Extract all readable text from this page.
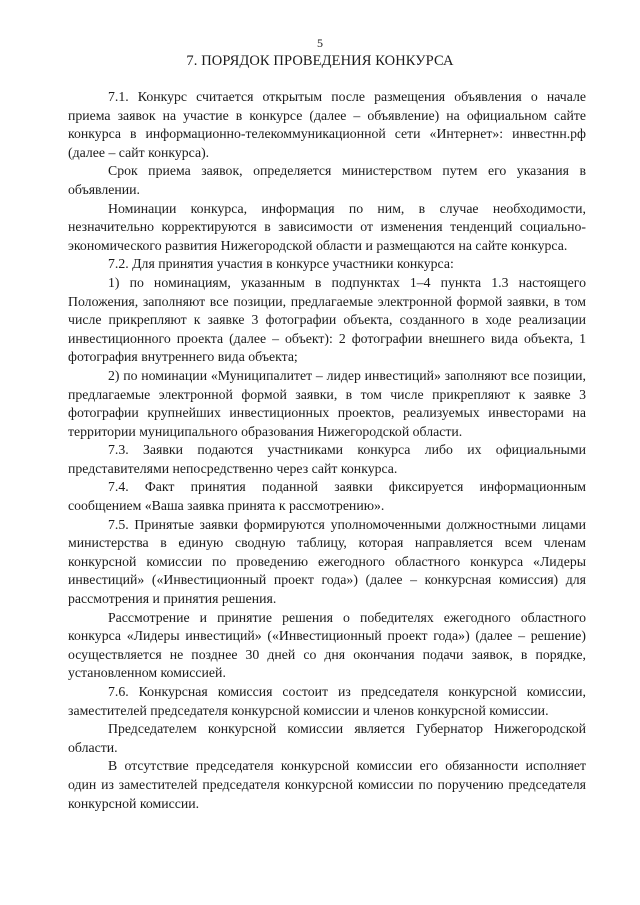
5
7. ПОРЯДОК ПРОВЕДЕНИЯ КОНКУРСА

7.1. Конкурс считается открытым после размещения объявления о начале приема заявок на участие в конкурсе (далее – объявление) на официальном сайте конкурса в информационно-телекоммуникационной сети «Интернет»: инвестнн.рф (далее – сайт конкурса).

Срок приема заявок, определяется министерством путем его указания в объявлении.

Номинации конкурса, информация по ним, в случае необходимости, незначительно корректируются в зависимости от изменения тенденций социально-экономического развития Нижегородской области и размещаются на сайте конкурса.

7.2. Для принятия участия в конкурсе участники конкурса:

1) по номинациям, указанным в подпунктах 1–4 пункта 1.3 настоящего Положения, заполняют все позиции, предлагаемые электронной формой заявки, в том числе прикрепляют к заявке 3 фотографии объекта, созданного в ходе реализации инвестиционного проекта (далее – объект): 2 фотографии внешнего вида объекта, 1 фотография внутреннего вида объекта;

2) по номинации «Муниципалитет – лидер инвестиций» заполняют все позиции, предлагаемые электронной формой заявки, в том числе прикрепляют к заявке 3 фотографии крупнейших инвестиционных проектов, реализуемых инвесторами на территории муниципального образования Нижегородской области.

7.3. Заявки подаются участниками конкурса либо их официальными представителями непосредственно через сайт конкурса.

7.4. Факт принятия поданной заявки фиксируется информационным сообщением «Ваша заявка принята к рассмотрению».

7.5. Принятые заявки формируются уполномоченными должностными лицами министерства в единую сводную таблицу, которая направляется всем членам конкурсной комиссии по проведению ежегодного областного конкурса «Лидеры инвестиций» («Инвестиционный проект года») (далее – конкурсная комиссия) для рассмотрения и принятия решения.

Рассмотрение и принятие решения о победителях ежегодного областного конкурса «Лидеры инвестиций» («Инвестиционный проект года») (далее – решение) осуществляется не позднее 30 дней со дня окончания подачи заявок, в порядке, установленном комиссией.

7.6. Конкурсная комиссия состоит из председателя конкурсной комиссии, заместителей председателя конкурсной комиссии и членов конкурсной комиссии.

Председателем конкурсной комиссии является Губернатор Нижегородской области.

В отсутствие председателя конкурсной комиссии его обязанности исполняет один из заместителей председателя конкурсной комиссии по поручению председателя конкурсной комиссии.
